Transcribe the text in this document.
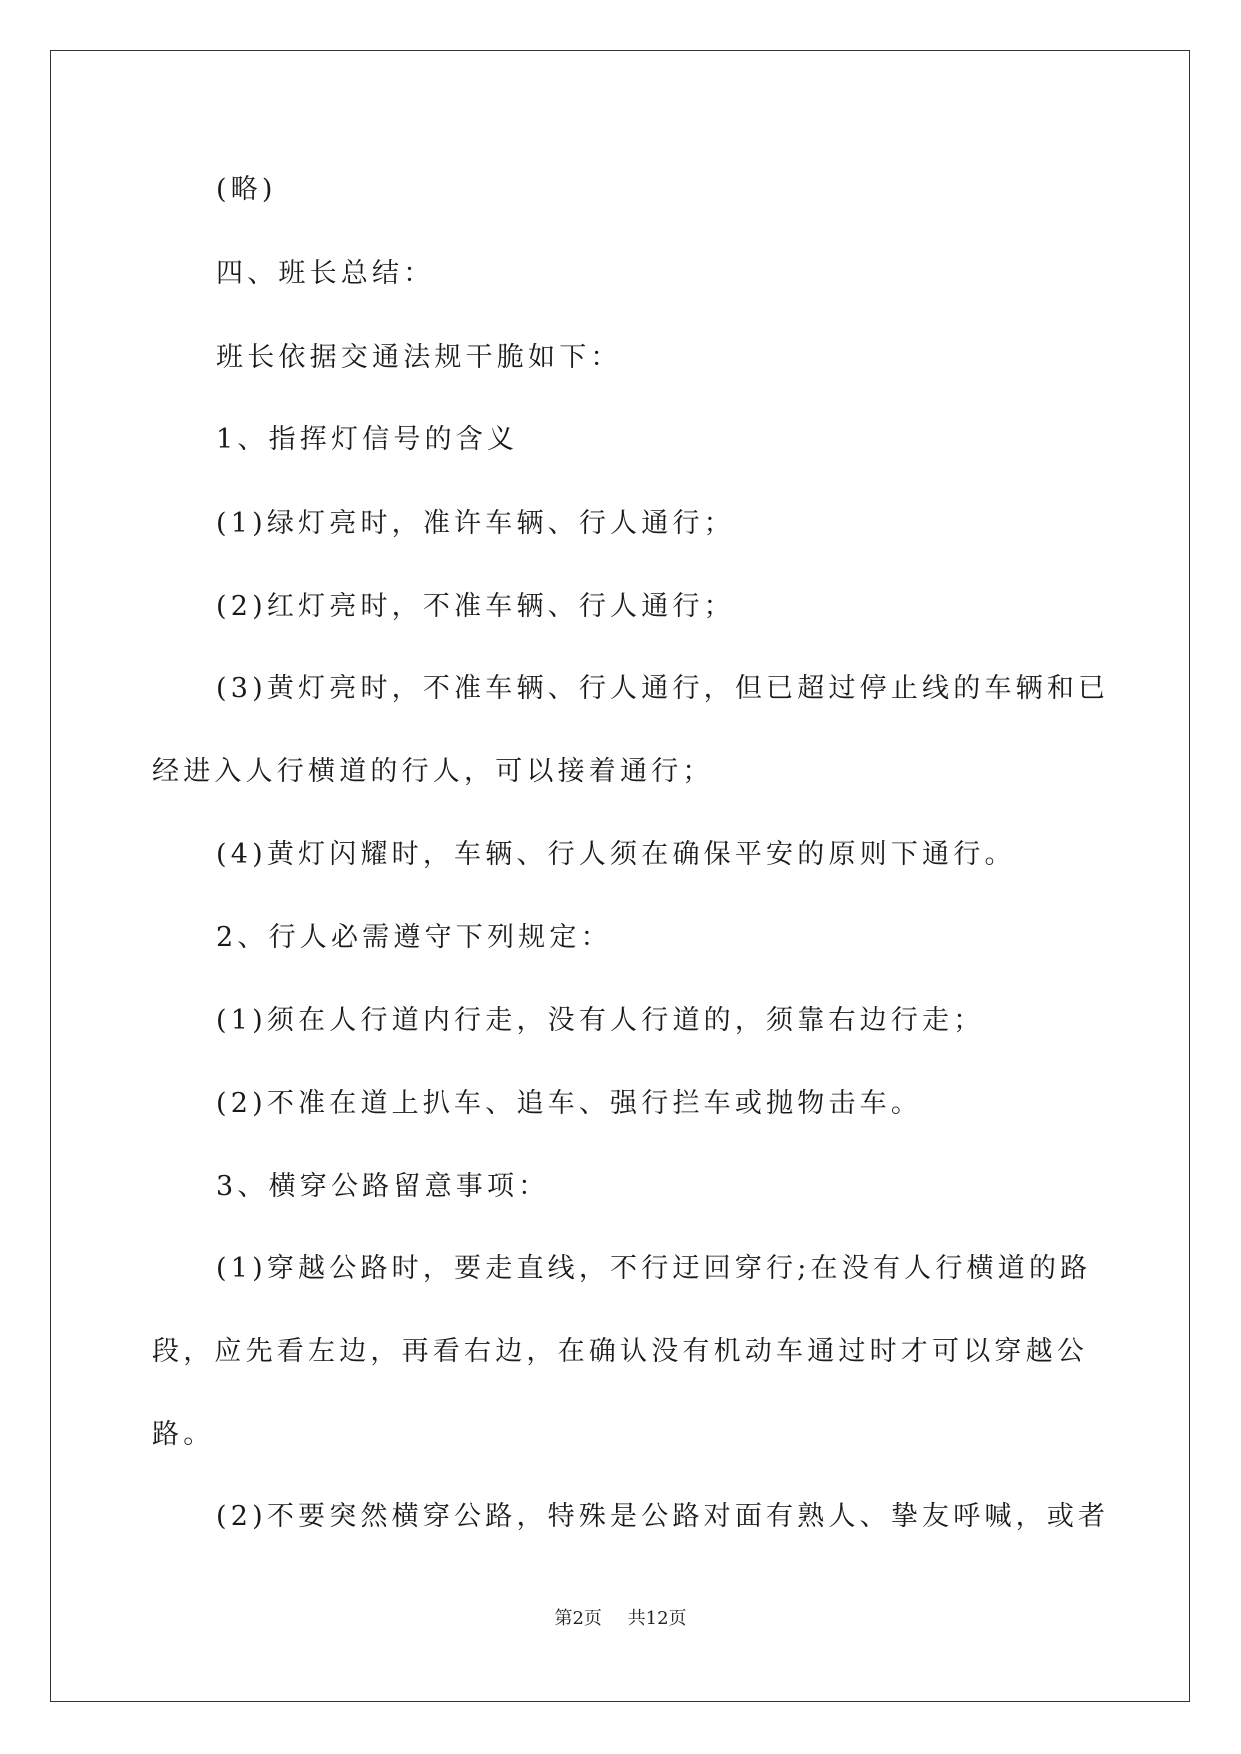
(略)
四、班长总结：
班长依据交通法规干脆如下：
1、指挥灯信号的含义
(1)绿灯亮时，准许车辆、行人通行；
(2)红灯亮时，不准车辆、行人通行；
(3)黄灯亮时，不准车辆、行人通行，但已超过停止线的车辆和已
经进入人行横道的行人，可以接着通行；
(4)黄灯闪耀时，车辆、行人须在确保平安的原则下通行。
2、行人必需遵守下列规定：
(1)须在人行道内行走，没有人行道的，须靠右边行走；
(2)不准在道上扒车、追车、强行拦车或抛物击车。
3、横穿公路留意事项：
(1)穿越公路时，要走直线，不行迂回穿行;在没有人行横道的路
段，应先看左边，再看右边，在确认没有机动车通过时才可以穿越公
路。
(2)不要突然横穿公路，特殊是公路对面有熟人、挚友呼喊，或者
第2页 共12页
